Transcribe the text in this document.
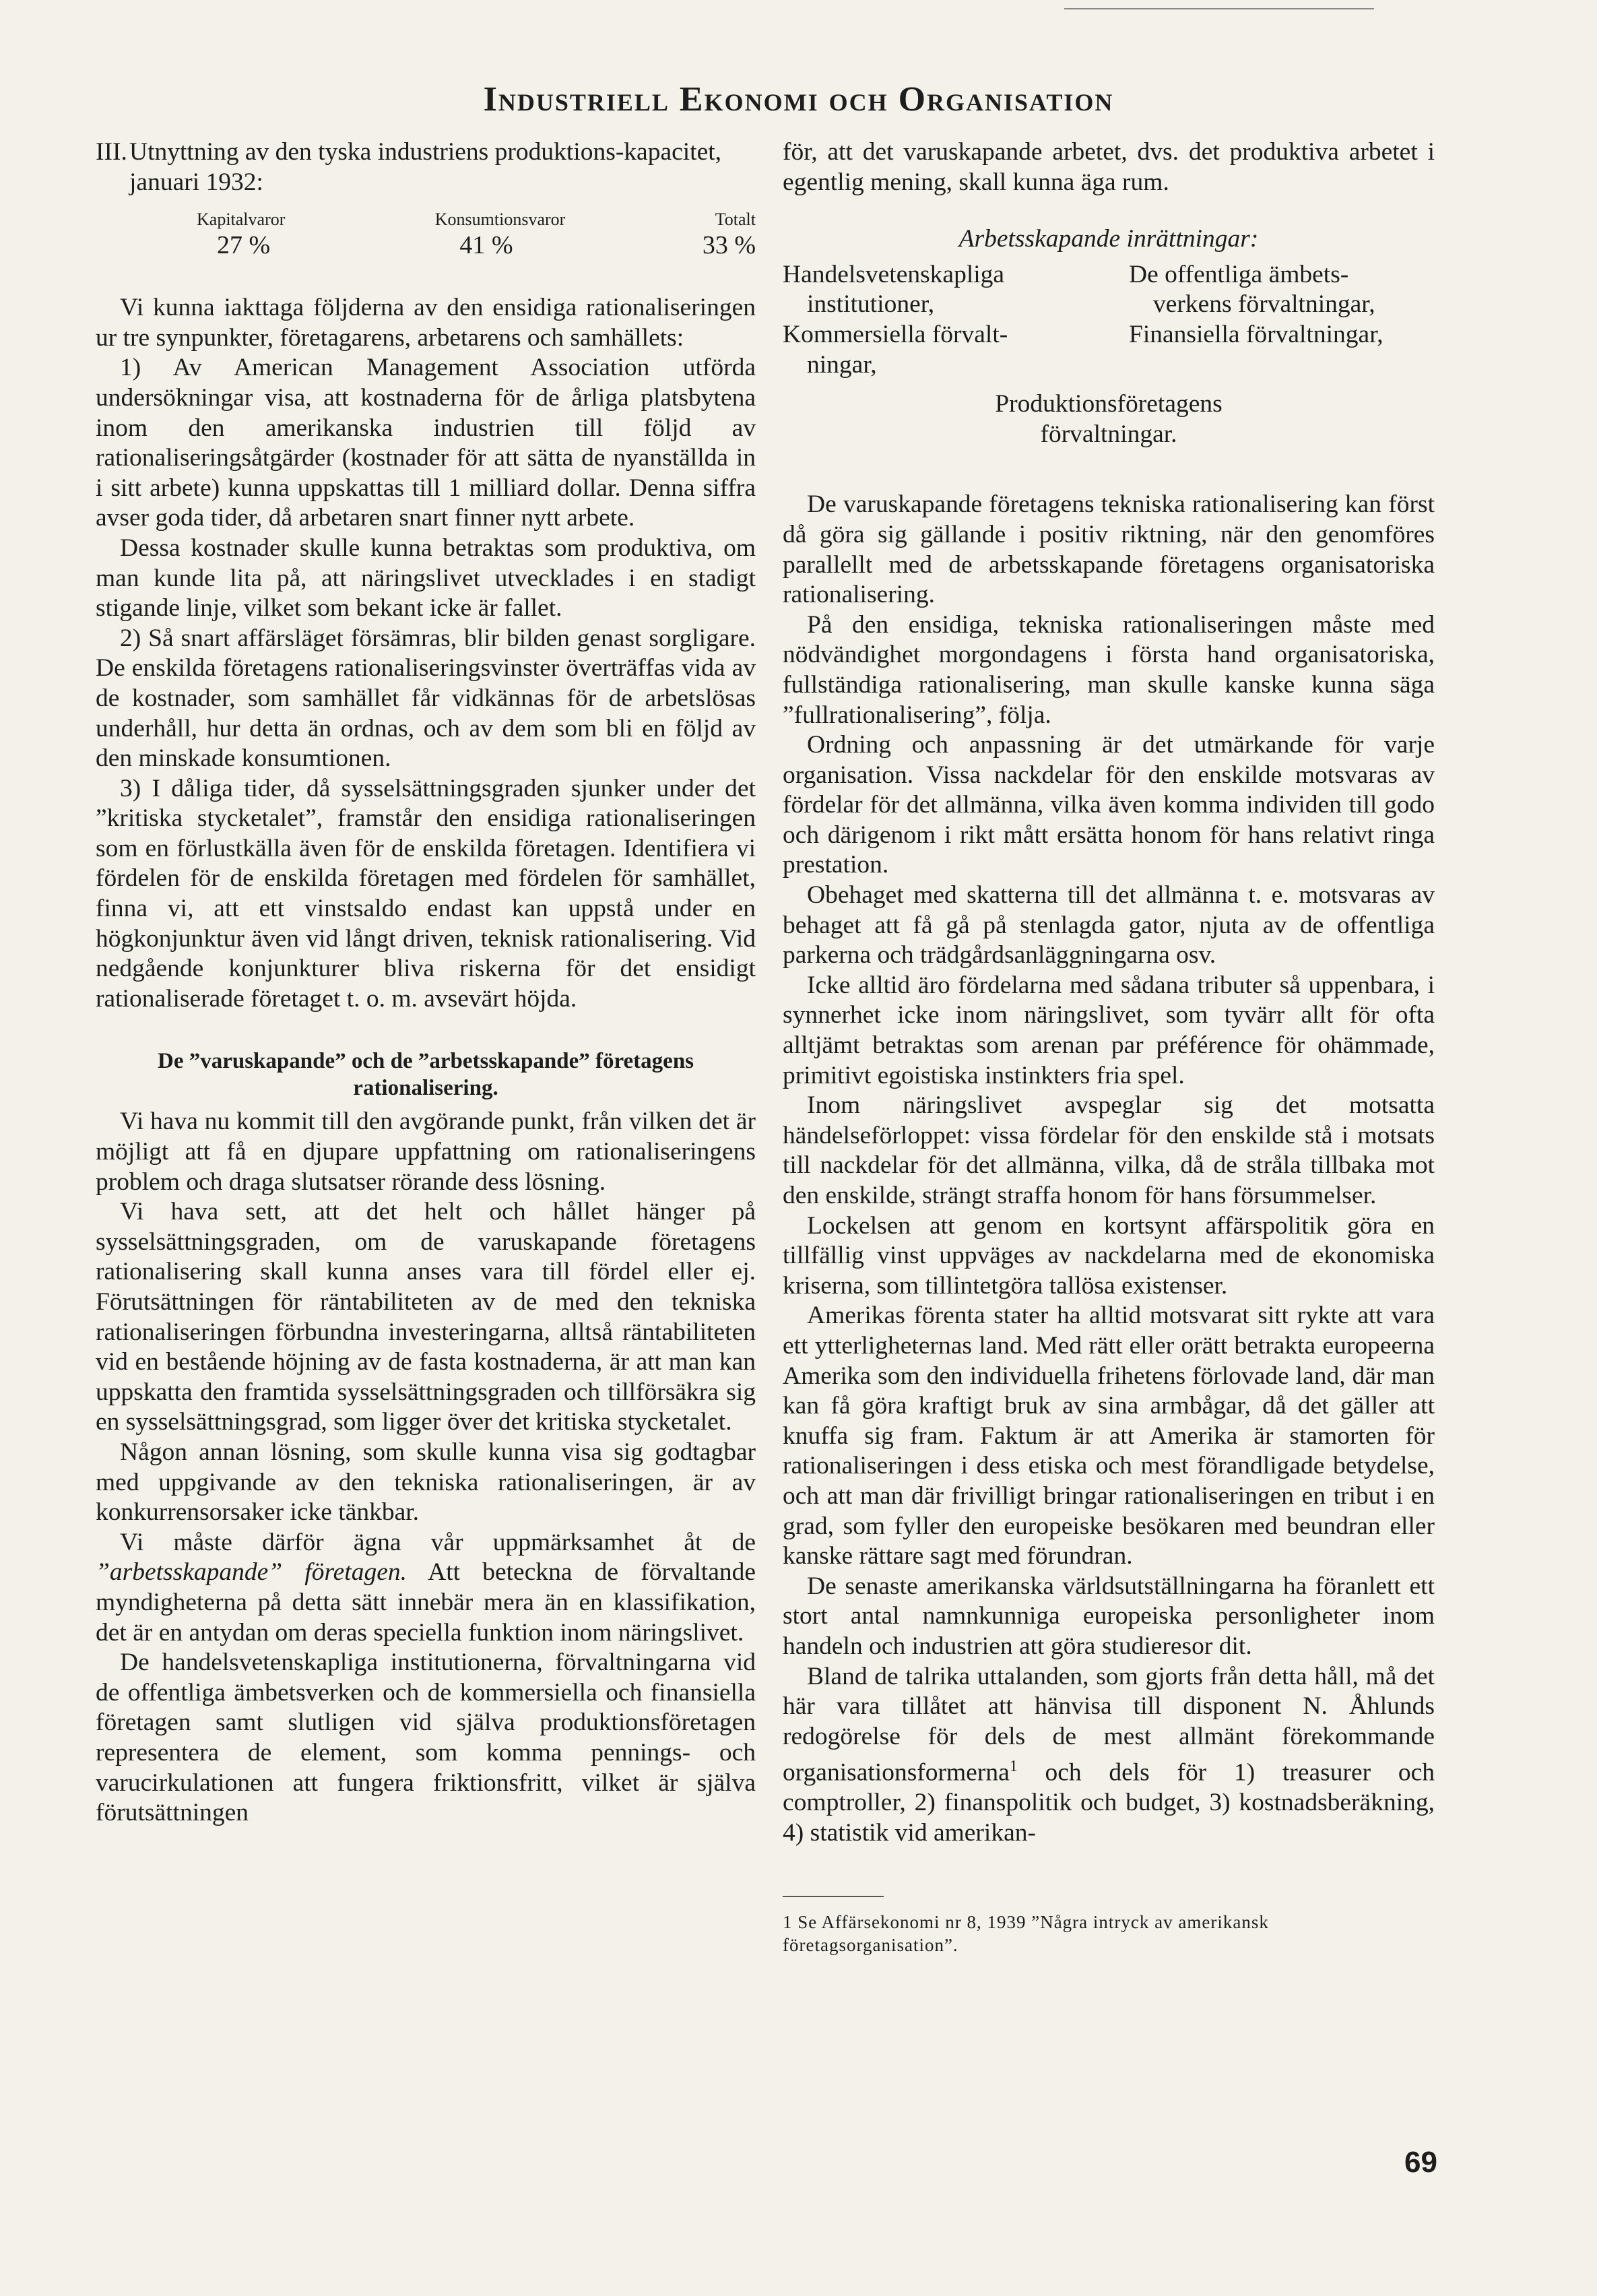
Industriell Ekonomi och Organisation
III. Utnyttning av den tyska industriens produktions-kapacitet, januari 1932:
Kapitalvaror	Konsumtionsvaror	Totalt
27 %	41 %	33 %

Vi kunna iakttaga följderna av den ensidiga rationaliseringen ur tre synpunkter, företagarens, arbetarens och samhällets:

1) Av American Management Association utförda undersökningar visa, att kostnaderna för de årliga platsbytena inom den amerikanska industrien till följd av rationaliseringsåtgärder (kostnader för att sätta de nyanställda in i sitt arbete) kunna uppskattas till 1 milliard dollar. Denna siffra avser goda tider, då arbetaren snart finner nytt arbete.

Dessa kostnader skulle kunna betraktas som produktiva, om man kunde lita på, att näringslivet utvecklades i en stadigt stigande linje, vilket som bekant icke är fallet.

2) Så snart affärsläget försämras, blir bilden genast sorgligare. De enskilda företagens rationaliseringsvinster överträffas vida av de kostnader, som samhället får vidkännas för de arbetslösas underhåll, hur detta än ordnas, och av dem som bli en följd av den minskade konsumtionen.

3) I dåliga tider, då sysselsättningsgraden sjunker under det ”kritiska stycketalet”, framstår den ensidiga rationaliseringen som en förlustkälla även för de enskilda företagen. Identifiera vi fördelen för de enskilda företagen med fördelen för samhället, finna vi, att ett vinstsaldo endast kan uppstå under en högkonjunktur även vid långt driven, teknisk rationalisering. Vid nedgående konjunkturer bliva riskerna för det ensidigt rationaliserade företaget t. o. m. avsevärt höjda.

De ”varuskapande” och de ”arbetsskapande” företagens rationalisering.

Vi hava nu kommit till den avgörande punkt, från vilken det är möjligt att få en djupare uppfattning om rationaliseringens problem och draga slutsatser rörande dess lösning.

Vi hava sett, att det helt och hållet hänger på sysselsättningsgraden, om de varuskapande företagens rationalisering skall kunna anses vara till fördel eller ej. Förutsättningen för räntabiliteten av de med den tekniska rationaliseringen förbundna investeringarna, alltså räntabiliteten vid en bestående höjning av de fasta kostnaderna, är att man kan uppskatta den framtida sysselsättningsgraden och tillförsäkra sig en sysselsättningsgrad, som ligger över det kritiska stycketalet.

Någon annan lösning, som skulle kunna visa sig godtagbar med uppgivande av den tekniska rationaliseringen, är av konkurrensorsaker icke tänkbar.

Vi måste därför ägna vår uppmärksamhet åt de ”arbetsskapande” företagen. Att beteckna de förvaltande myndigheterna på detta sätt innebär mera än en klassifikation, det är en antydan om deras speciella funktion inom näringslivet.

De handelsvetenskapliga institutionerna, förvaltningarna vid de offentliga ämbetsverken och de kommersiella och finansiella företagen samt slutligen vid själva produktionsföretagen representera de element, som komma pennings- och varucirkulationen att fungera friktionsfritt, vilket är själva förutsättningen

för, att det varuskapande arbetet, dvs. det produktiva arbetet i egentlig mening, skall kunna äga rum.

Arbetsskapande inrättningar:
Handelsvetenskapliga	De offentliga ämbets-
institutioner,	verkens förvaltningar,
Kommersiella förvalt-	Finansiella förvaltningar,
ningar,
Produktionsföretagens
förvaltningar.

De varuskapande företagens tekniska rationalisering kan först då göra sig gällande i positiv riktning, när den genomföres parallellt med de arbetsskapande företagens organisatoriska rationalisering.

På den ensidiga, tekniska rationaliseringen måste med nödvändighet morgondagens i första hand organisatoriska, fullständiga rationalisering, man skulle kanske kunna säga ”fullrationalisering”, följa.

Ordning och anpassning är det utmärkande för varje organisation. Vissa nackdelar för den enskilde motsvaras av fördelar för det allmänna, vilka även komma individen till godo och därigenom i rikt mått ersätta honom för hans relativt ringa prestation.

Obehaget med skatterna till det allmänna t. e. motsvaras av behaget att få gå på stenlagda gator, njuta av de offentliga parkerna och trädgårdsanläggningarna osv.

Icke alltid äro fördelarna med sådana tributer så uppenbara, i synnerhet icke inom näringslivet, som tyvärr allt för ofta alltjämt betraktas som arenan par préférence för ohämmade, primitivt egoistiska instinkters fria spel.

Inom näringslivet avspeglar sig det motsatta händelseförloppet: vissa fördelar för den enskilde stå i motsats till nackdelar för det allmänna, vilka, då de stråla tillbaka mot den enskilde, strängt straffa honom för hans försummelser.

Lockelsen att genom en kortsynt affärspolitik göra en tillfällig vinst uppväges av nackdelarna med de ekonomiska kriserna, som tillintetgöra tallösa existenser.

Amerikas förenta stater ha alltid motsvarat sitt rykte att vara ett ytterligheternas land. Med rätt eller orätt betrakta europeerna Amerika som den individuella frihetens förlovade land, där man kan få göra kraftigt bruk av sina armbågar, då det gäller att knuffa sig fram. Faktum är att Amerika är stamorten för rationaliseringen i dess etiska och mest förandligade betydelse, och att man där frivilligt bringar rationaliseringen en tribut i en grad, som fyller den europeiske besökaren med beundran eller kanske rättare sagt med förundran.

De senaste amerikanska världsutställningarna ha föranlett ett stort antal namnkunniga europeiska personligheter inom handeln och industrien att göra studieresor dit.

Bland de talrika uttalanden, som gjorts från detta håll, må det här vara tillåtet att hänvisa till disponent N. Åhlunds redogörelse för dels de mest allmänt förekommande organisationsformerna$^1$ och dels för 1) treasurer och comptroller, 2) finanspolitik och budget, 3) kostnadsberäkning, 4) statistik vid amerikan-

1 Se Affärsekonomi nr 8, 1939 ”Några intryck av amerikansk företagsorganisation”.
69
